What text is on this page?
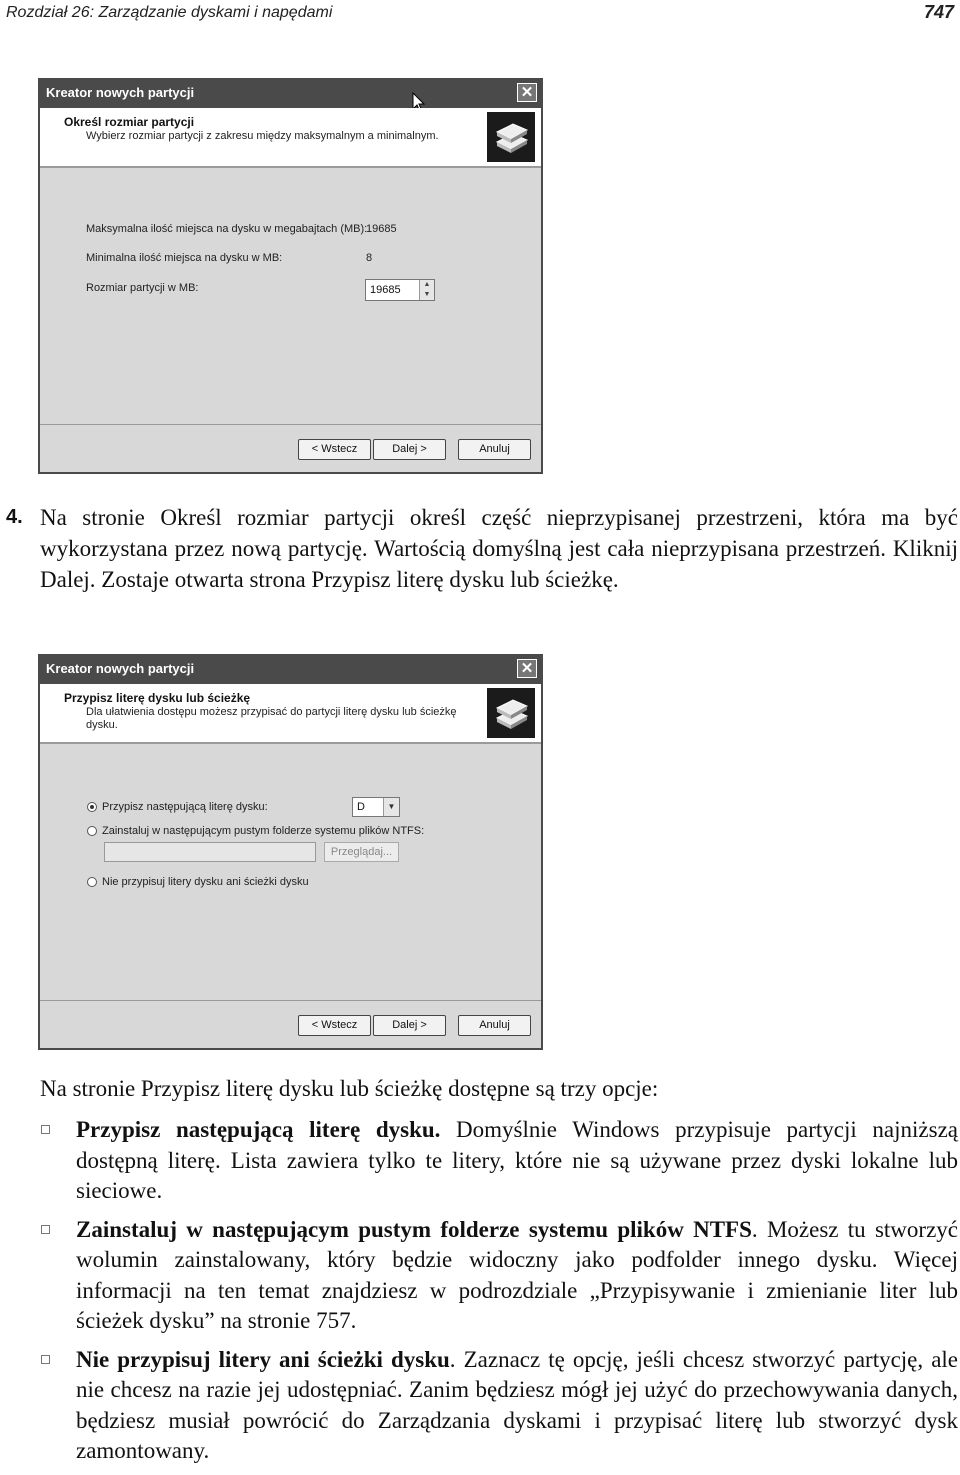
Rozdział 26: Zarządzanie dyskami i napędami	747
Kreator nowych partycji	✕
Określ rozmiar partycji
Wybierz rozmiar partycji z zakresu między maksymalnym a minimalnym.
Maksymalna ilość miejsca na dysku w megabajtach (MB):
19685
Minimalna ilość miejsca na dysku w MB:	8
Rozmiar partycji w MB:	19685	▲
▼
< Wstecz	Dalej >	Anuluj
4. Na stronie Określ rozmiar partycji określ część nieprzypisanej przestrzeni, która ma być wykorzystana przez nową partycję. Wartością domyślną jest cała nieprzypisana przestrzeń. Kliknij Dalej. Zostaje otwarta strona Przypisz literę dysku lub ścieżkę.
Kreator nowych partycji	✕
Przypisz literę dysku lub ścieżkę
Dla ułatwienia dostępu możesz przypisać do partycji literę dysku lub ścieżkę dysku.
Przypisz następującą literę dysku:	D	▼
Zainstaluj w następującym pustym folderze systemu plików NTFS:
Przeglądaj...
Nie przypisuj litery dysku ani ścieżki dysku
< Wstecz	Dalej >	Anuluj
Na stronie Przypisz literę dysku lub ścieżkę dostępne są trzy opcje:
Przypisz następującą literę dysku. Domyślnie Windows przypisuje partycji najniższą dostępną literę. Lista zawiera tylko te litery, które nie są używane przez dyski lokalne lub sieciowe.
Zainstaluj w następującym pustym folderze systemu plików NTFS. Możesz tu stworzyć wolumin zainstalowany, który będzie widoczny jako podfolder innego dysku. Więcej informacji na ten temat znajdziesz w podrozdziale „Przypisywanie i zmienianie liter lub ścieżek dysku” na stronie 757.
Nie przypisuj litery ani ścieżki dysku. Zaznacz tę opcję, jeśli chcesz stworzyć partycję, ale nie chcesz na razie jej udostępniać. Zanim będziesz mógł jej użyć do przechowywania danych, będziesz musiał powrócić do Zarządzania dyskami i przypisać literę lub stworzyć dysk zamontowany.
